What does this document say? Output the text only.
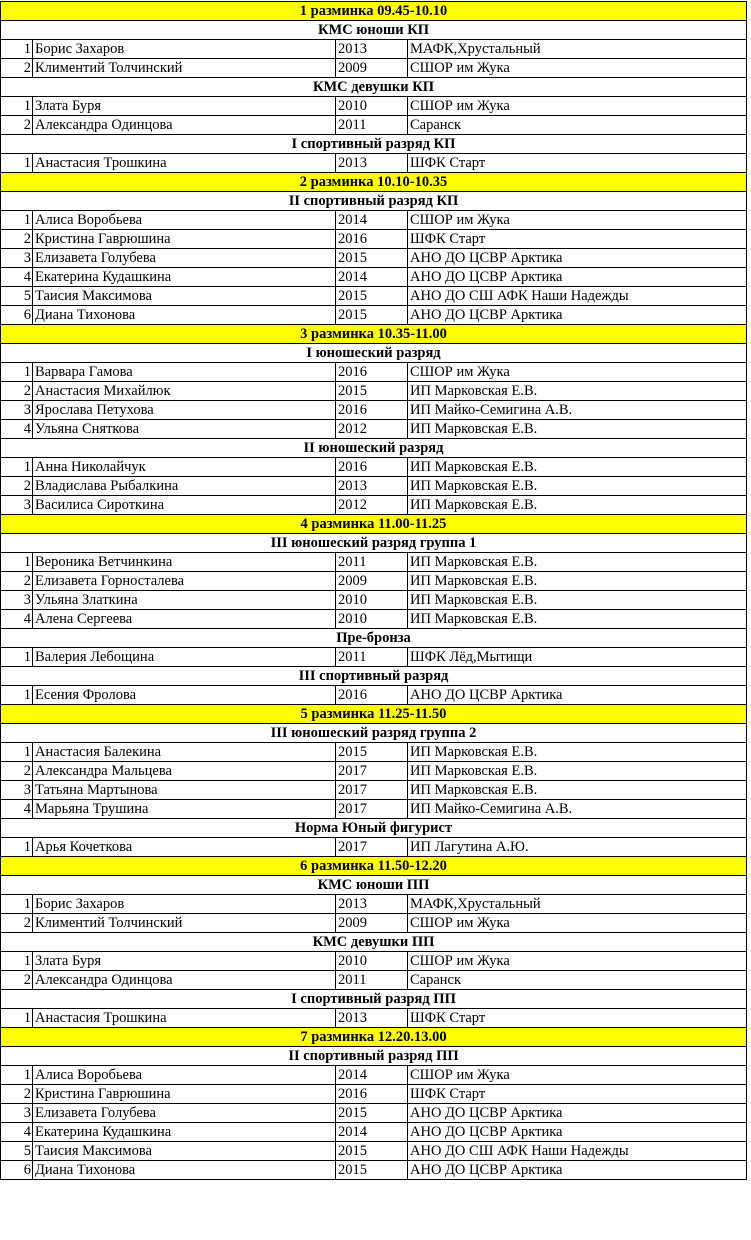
1 разминка 09.45-10.10			
КМС юноши КП			
1	Борис Захаров	2013	МАФК,Хрустальный
2	Климентий Толчинский	2009	СШОР им Жука
КМС девушки КП			
1	Злата Буря	2010	СШОР им Жука
2	Александра Одинцова	2011	Саранск
I спортивный разряд КП			
1	Анастасия Трошкина	2013	ШФК Старт
2 разминка 10.10-10.35			
II спортивный разряд КП			
1	Алиса Воробьева	2014	СШОР им Жука
2	Кристина Гаврюшина	2016	ШФК Старт
3	Елизавета Голубева	2015	АНО ДО ЦСВР Арктика
4	Екатерина Кудашкина	2014	АНО ДО ЦСВР Арктика
5	Таисия Максимова	2015	АНО ДО СШ АФК Наши Надежды
6	Диана Тихонова	2015	АНО ДО ЦСВР Арктика
3 разминка 10.35-11.00			
I юношеский разряд			
1	Варвара Гамова	2016	СШОР им Жука
2	Анастасия Михайлюк	2015	ИП Марковская Е.В.
3	Ярослава Петухова	2016	ИП Майко-Семигина А.В.
4	Ульяна Сняткова	2012	ИП Марковская Е.В.
II юношеский разряд			
1	Анна Николайчук	2016	ИП Марковская Е.В.
2	Владислава Рыбалкина	2013	ИП Марковская Е.В.
3	Василиса Сироткина	2012	ИП Марковская Е.В.
4 разминка 11.00-11.25			
III юношеский разряд группа 1			
1	Вероника Ветчинкина	2011	ИП Марковская Е.В.
2	Елизавета Горносталева	2009	ИП Марковская Е.В.
3	Ульяна Златкина	2010	ИП Марковская Е.В.
4	Алена Сергеева	2010	ИП Марковская Е.В.
Пре-бронза			
1	Валерия Лебощина	2011	ШФК Лёд,Мытищи
III спортивный разряд			
1	Есения Фролова	2016	АНО ДО ЦСВР Арктика
5 разминка 11.25-11.50			
III юношеский разряд группа 2			
1	Анастасия Балекина	2015	ИП Марковская Е.В.
2	Александра Мальцева	2017	ИП Марковская Е.В.
3	Татьяна Мартынова	2017	ИП Марковская Е.В.
4	Марьяна Трушина	2017	ИП Майко-Семигина А.В.
Норма Юный фигурист			
1	Арья Кочеткова	2017	ИП Лагутина А.Ю.
6 разминка 11.50-12.20			
КМС юноши ПП			
1	Борис Захаров	2013	МАФК,Хрустальный
2	Климентий Толчинский	2009	СШОР им Жука
КМС девушки ПП			
1	Злата Буря	2010	СШОР им Жука
2	Александра Одинцова	2011	Саранск
I спортивный разряд ПП			
1	Анастасия Трошкина	2013	ШФК Старт
7 разминка 12.20.13.00			
II спортивный разряд ПП			
1	Алиса Воробьева	2014	СШОР им Жука
2	Кристина Гаврюшина	2016	ШФК Старт
3	Елизавета Голубева	2015	АНО ДО ЦСВР Арктика
4	Екатерина Кудашкина	2014	АНО ДО ЦСВР Арктика
5	Таисия Максимова	2015	АНО ДО СШ АФК Наши Надежды
6	Диана Тихонова	2015	АНО ДО ЦСВР Арктика
